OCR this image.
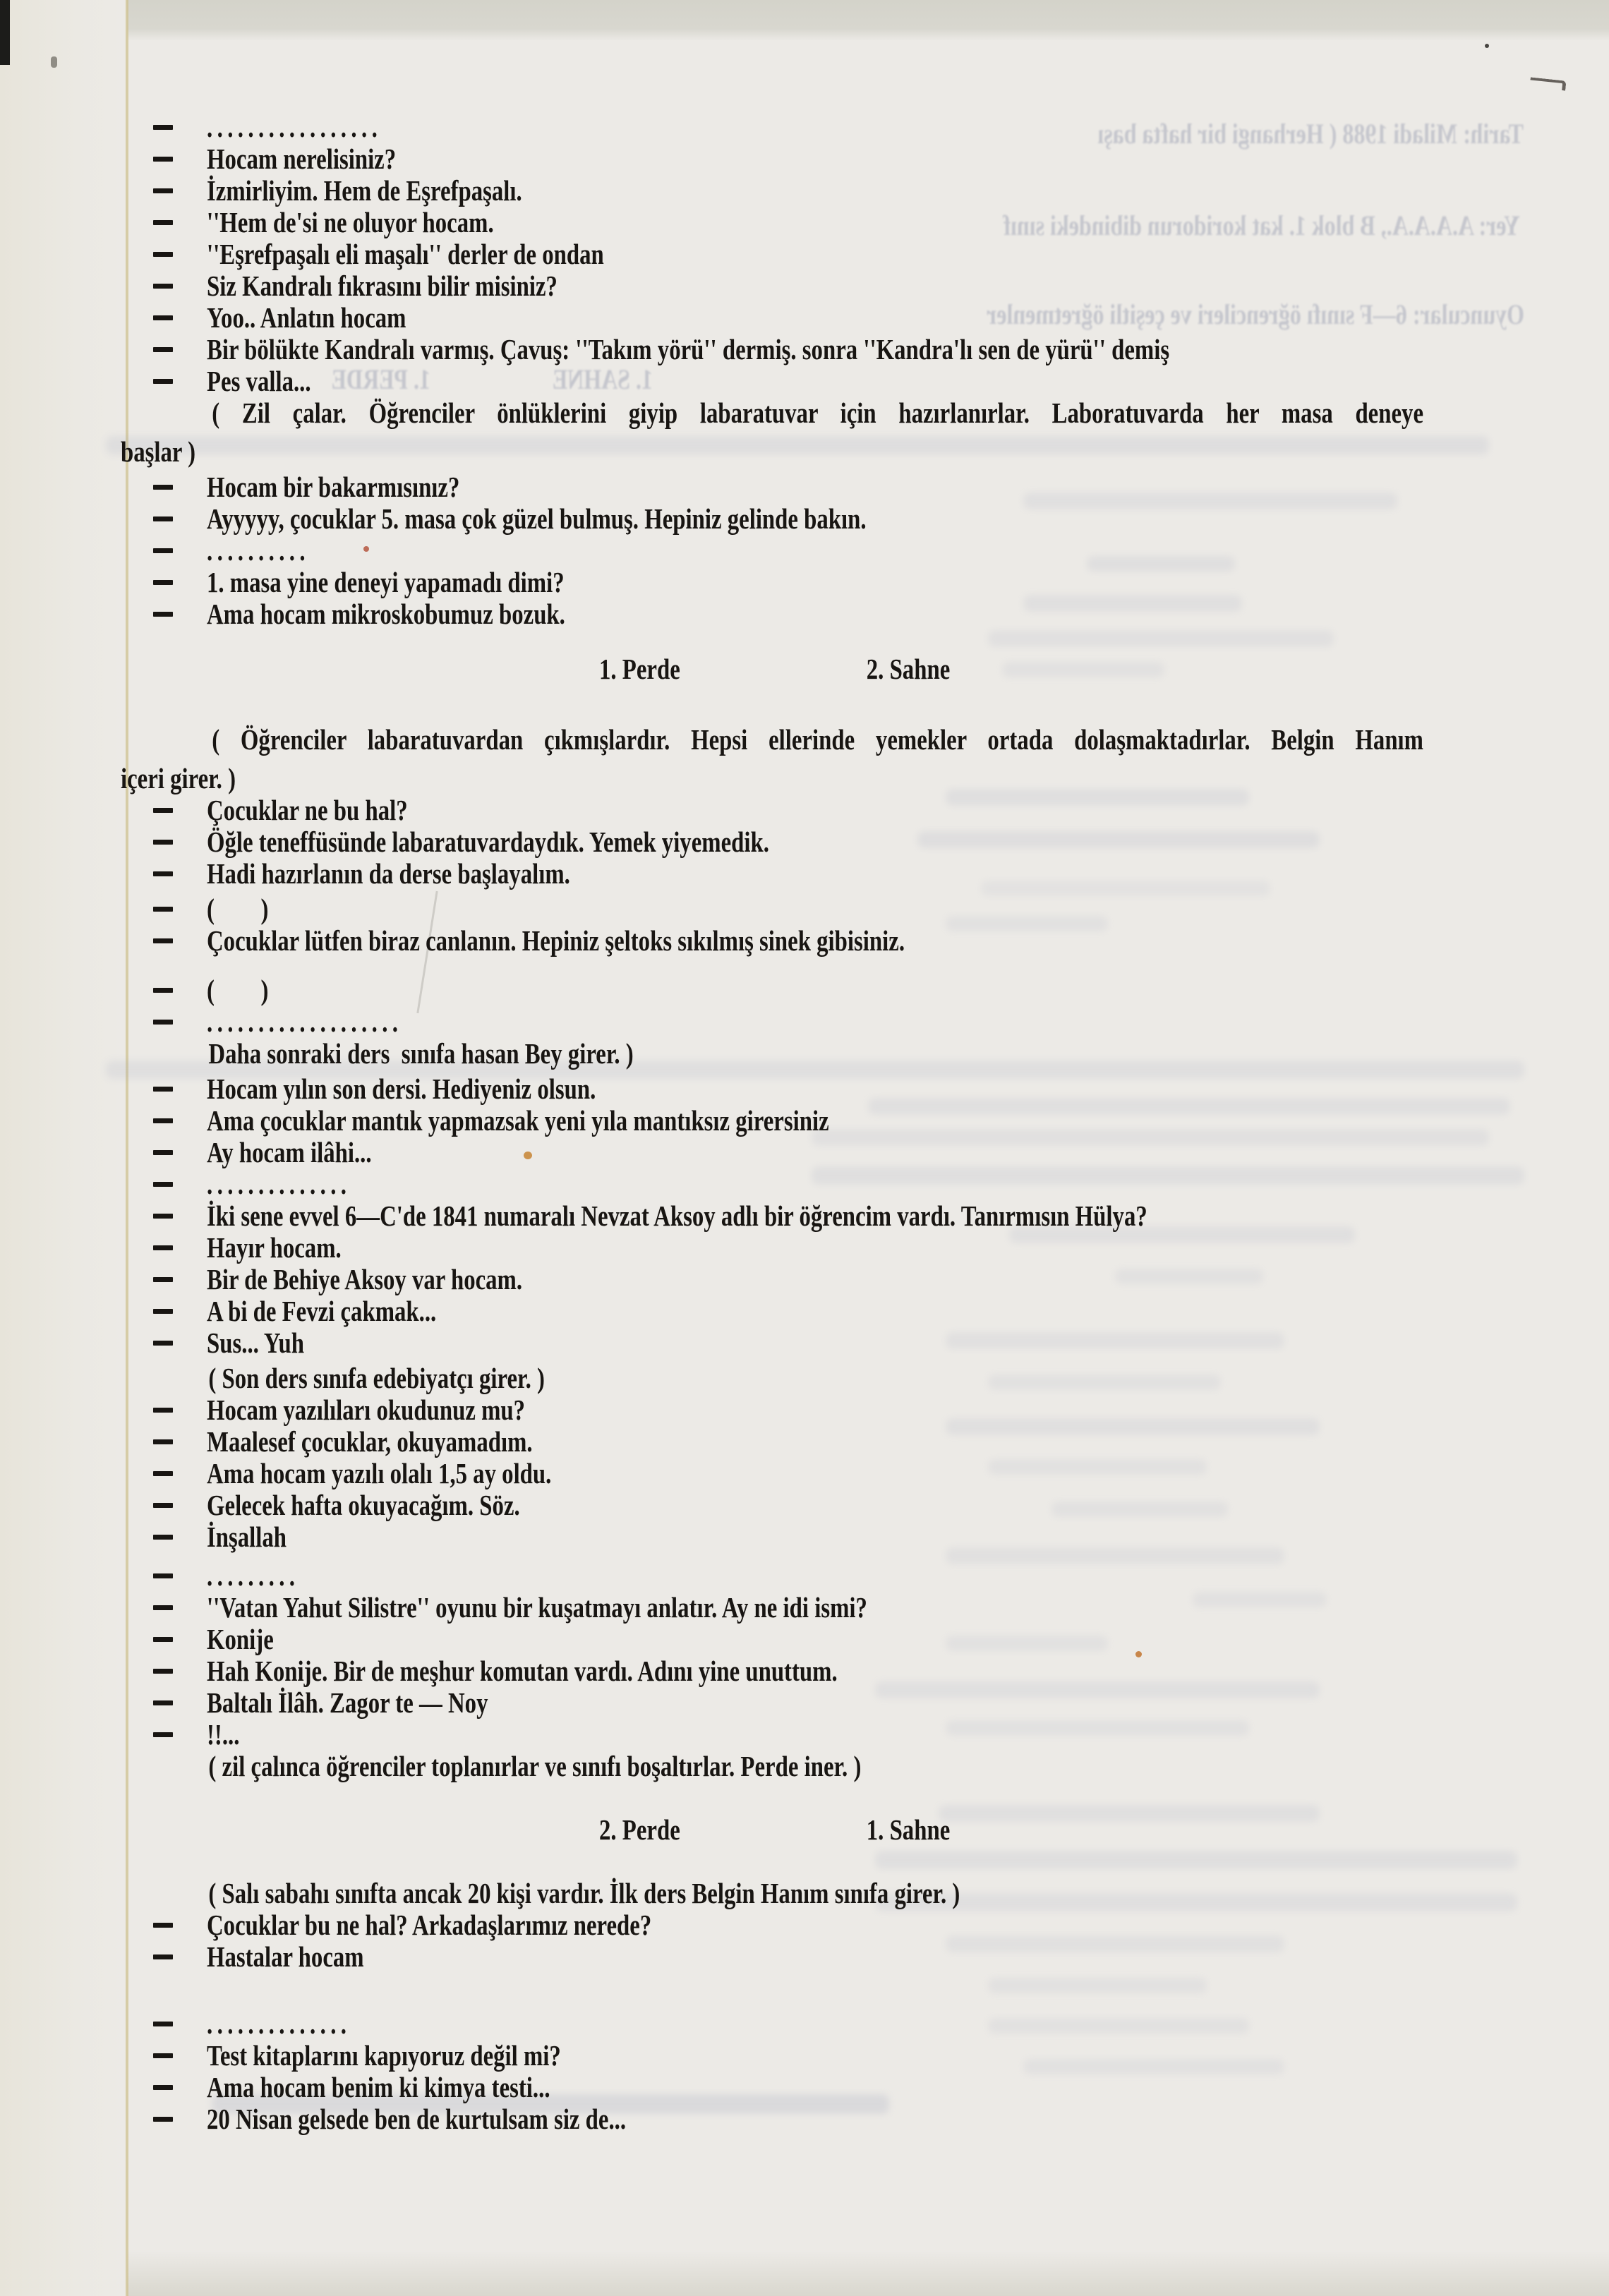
Tarih: Miladi 1988 ( Herhangi bir hafta başı
Yer: A.A.A.A., B blok 1. kat koridorun dibindeki sınıf
Oyuncular: 6—F sınıfı öğrencileri ve çeşitli öğretmenler
1. PERDE	1. SAHNE
.................
Hocam nerelisiniz?
İzmirliyim. Hem de Eşrefpaşalı.
''Hem de'si ne oluyor hocam.
''Eşrefpaşalı eli maşalı'' derler de ondan
Siz Kandralı fıkrasını bilir misiniz?
Yoo.. Anlatın hocam
Bir bölükte Kandralı varmış. Çavuş: ''Takım yörü'' dermiş. sonra ''Kandra'lı sen de yürü'' demiş
Pes valla...
( Zil çalar. Öğrenciler önlüklerini giyip labaratuvar için hazırlanırlar. Laboratuvarda her masa deneye
başlar )
Hocam bir bakarmısınız?
Ayyyyy, çocuklar 5. masa çok güzel bulmuş. Hepiniz gelinde bakın.
..........
1. masa yine deneyi yapamadı dimi?
Ama hocam mikroskobumuz bozuk.
1. Perde	2. Sahne
( Öğrenciler labaratuvardan çıkmışlardır. Hepsi ellerinde yemekler ortada dolaşmaktadırlar. Belgin Hanım
içeri girer. )
Çocuklar ne bu hal?
Öğle teneffüsünde labaratuvardaydık. Yemek yiyemedik.
Hadi hazırlanın da derse başlayalım.
(        )
Çocuklar lütfen biraz canlanın. Hepiniz şeltoks sıkılmış sinek gibisiniz.
(        )
...................
Daha sonraki ders  sınıfa hasan Bey girer. )
Hocam yılın son dersi. Hediyeniz olsun.
Ama çocuklar mantık yapmazsak yeni yıla mantıksız girersiniz
Ay hocam ilâhi...
..............
İki sene evvel 6—C'de 1841 numaralı Nevzat Aksoy adlı bir öğrencim vardı. Tanırmısın Hülya?
Hayır hocam.
Bir de Behiye Aksoy var hocam.
A bi de Fevzi çakmak...
Sus... Yuh
( Son ders sınıfa edebiyatçı girer. )
Hocam yazılıları okudunuz mu?
Maalesef çocuklar, okuyamadım.
Ama hocam yazılı olalı 1,5 ay oldu.
Gelecek hafta okuyacağım. Söz.
İnşallah
.........
''Vatan Yahut Silistre'' oyunu bir kuşatmayı anlatır. Ay ne idi ismi?
Konije
Hah Konije. Bir de meşhur komutan vardı. Adını yine unuttum.
Baltalı İlâh. Zagor te — Noy
!!...
( zil çalınca öğrenciler toplanırlar ve sınıfı boşaltırlar. Perde iner. )
2. Perde	1. Sahne
( Salı sabahı sınıfta ancak 20 kişi vardır. İlk ders Belgin Hanım sınıfa girer. )
Çocuklar bu ne hal? Arkadaşlarımız nerede?
Hastalar hocam
..............
Test kitaplarını kapıyoruz değil mi?
Ama hocam benim ki kimya testi...
20 Nisan gelsede ben de kurtulsam siz de...
